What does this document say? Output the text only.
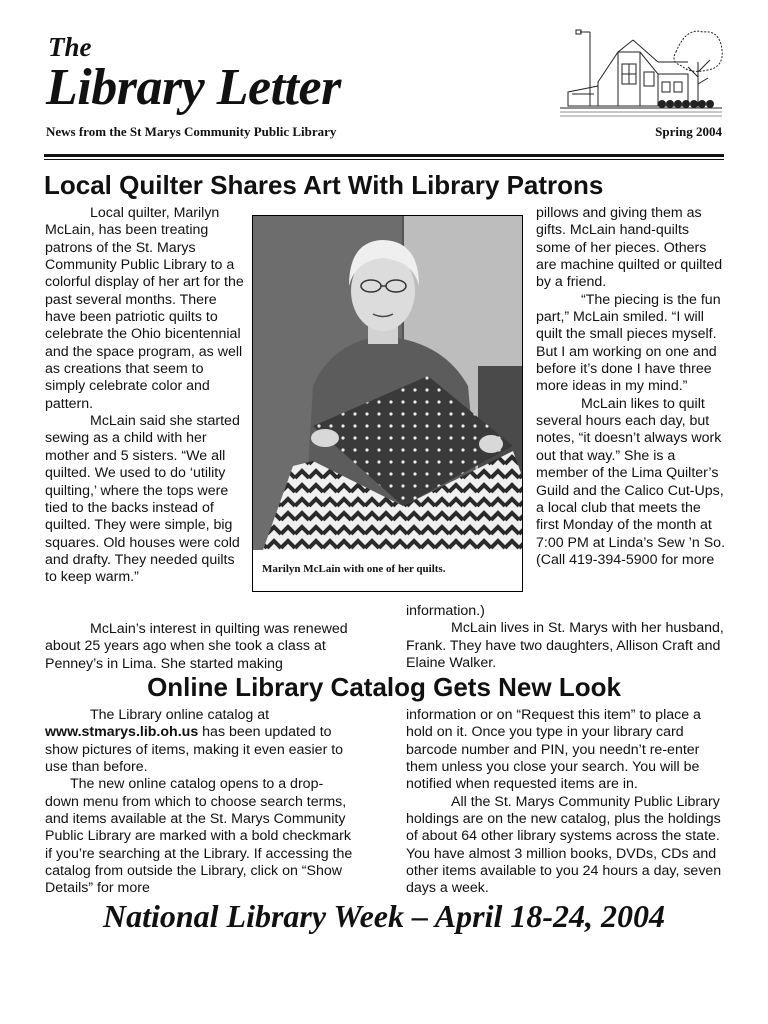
The
Library Letter
News from the St Marys Community Public Library	Spring 2004
Local Quilter Shares Art With Library Patrons

Local quilter, Marilyn McLain, has been treating patrons of the St. Marys Community Public Library to a colorful display of her art for the past several months. There have been patriotic quilts to celebrate the Ohio bicentennial and the space program, as well as creations that seem to simply celebrate color and pattern.

McLain said she started sewing as a child with her mother and 5 sisters. “We all quilted. We used to do ‘utility quilting,’ where the tops were tied to the backs instead of quilted. They were simple, big squares. Old houses were cold and drafty. They needed quilts to keep warm.”

McLain’s interest in quilting was renewed about 25 years ago when she took a class at Penney’s in Lima. She started making

Marilyn McLain with one of her quilts.

pillows and giving them as gifts. McLain hand-quilts some of her pieces. Others are machine quilted or quilted by a friend.

“The piecing is the fun part,” McLain smiled. “I will quilt the small pieces myself. But I am working on one and before it’s done I have three more ideas in my mind.”

McLain likes to quilt several hours each day, but notes, “it doesn’t always work out that way.” She is a member of the Lima Quilter’s Guild and the Calico Cut-Ups, a local club that meets the first Monday of the month at 7:00 PM at Linda’s Sew ’n So. (Call 419-394-5900 for more

information.)

McLain lives in St. Marys with her husband, Frank. They have two daughters, Allison Craft and Elaine Walker.

Online Library Catalog Gets New Look

The Library online catalog at www.stmarys.lib.oh.us has been updated to show pictures of items, making it even easier to use than before.

The new online catalog opens to a drop-down menu from which to choose search terms, and items available at the St. Marys Community Public Library are marked with a bold checkmark if you’re searching at the Library. If accessing the catalog from outside the Library, click on “Show Details” for more

information or on “Request this item” to place a hold on it. Once you type in your library card barcode number and PIN, you needn’t re-enter them unless you close your search. You will be notified when requested items are in.

All the St. Marys Community Public Library holdings are on the new catalog, plus the holdings of about 64 other library systems across the state. You have almost 3 million books, DVDs, CDs and other items available to you 24 hours a day, seven days a week.

National Library Week – April 18-24, 2004
